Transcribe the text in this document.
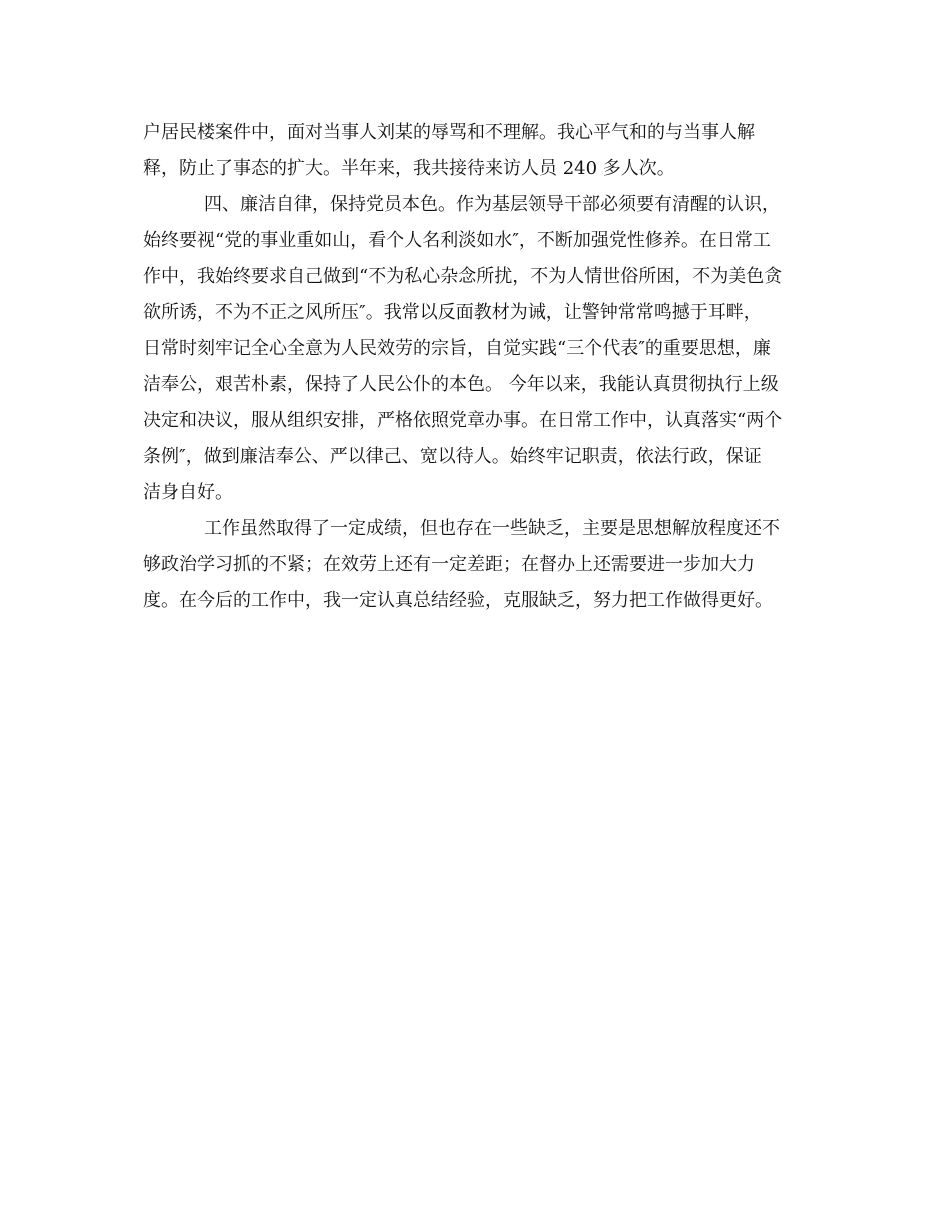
户居民楼案件中，面对当事人刘某的辱骂和不理解。我心平气和的与当事人解
释，防止了事态的扩大。半年来，我共接待来访人员 240 多人次。
四、廉洁自律，保持党员本色。作为基层领导干部必须要有清醒的认识，
始终要视“党的事业重如山，看个人名利淡如水″，不断加强党性修养。在日常工
作中，我始终要求自己做到“不为私心杂念所扰，不为人情世俗所困，不为美色贪
欲所诱，不为不正之风所压″。我常以反面教材为诫，让警钟常常鸣撼于耳畔，
日常时刻牢记全心全意为人民效劳的宗旨，自觉实践“三个代表″的重要思想，廉
洁奉公，艰苦朴素，保持了人民公仆的本色。 今年以来，我能认真贯彻执行上级
决定和决议，服从组织安排，严格依照党章办事。在日常工作中，认真落实“两个
条例″，做到廉洁奉公、严以律己、宽以待人。始终牢记职责，依法行政，保证
洁身自好。
工作虽然取得了一定成绩，但也存在一些缺乏，主要是思想解放程度还不
够政治学习抓的不紧；在效劳上还有一定差距；在督办上还需要进一步加大力
度。在今后的工作中，我一定认真总结经验，克服缺乏，努力把工作做得更好。
